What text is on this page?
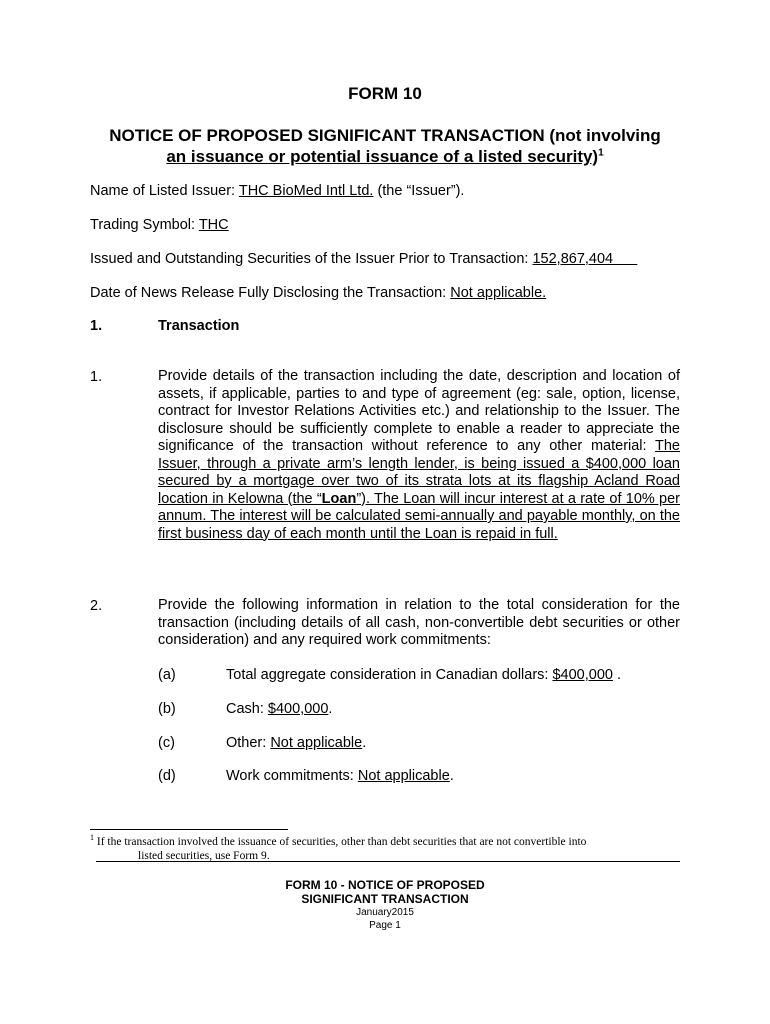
FORM 10
NOTICE OF PROPOSED SIGNIFICANT TRANSACTION (not involving
an issuance or potential issuance of a listed security)$^1$
Name of Listed Issuer: THC BioMed Intl Ltd. (the “Issuer”).
Trading Symbol: THC
Issued and Outstanding Securities of the Issuer Prior to Transaction: 152,867,404
Date of News Release Fully Disclosing the Transaction: Not applicable.
1.	Transaction
1.	Provide details of the transaction including the date, description and location of assets, if applicable, parties to and type of agreement (eg: sale, option, license, contract for Investor Relations Activities etc.) and relationship to the Issuer. The disclosure should be sufficiently complete to enable a reader to appreciate the significance of the transaction without reference to any other material: The Issuer, through a private arm’s length lender, is being issued a $400,000 loan secured by a mortgage over two of its strata lots at its flagship Acland Road location in Kelowna (the “Loan”). The Loan will incur interest at a rate of 10% per annum. The interest will be calculated semi-annually and payable monthly, on the first business day of each month until the Loan is repaid in full.
2.	Provide the following information in relation to the total consideration for the transaction (including details of all cash, non-convertible debt securities or other consideration) and any required work commitments:
(a)	Total aggregate consideration in Canadian dollars: $400,000 .
(b)	Cash: $400,000.
(c)	Other: Not applicable.
(d)	Work commitments: Not applicable.
$^1$ If the transaction involved the issuance of securities, other than debt securities that are not convertible into
listed securities, use Form 9.
FORM 10 - NOTICE OF PROPOSED
SIGNIFICANT TRANSACTION
January2015
Page 1
